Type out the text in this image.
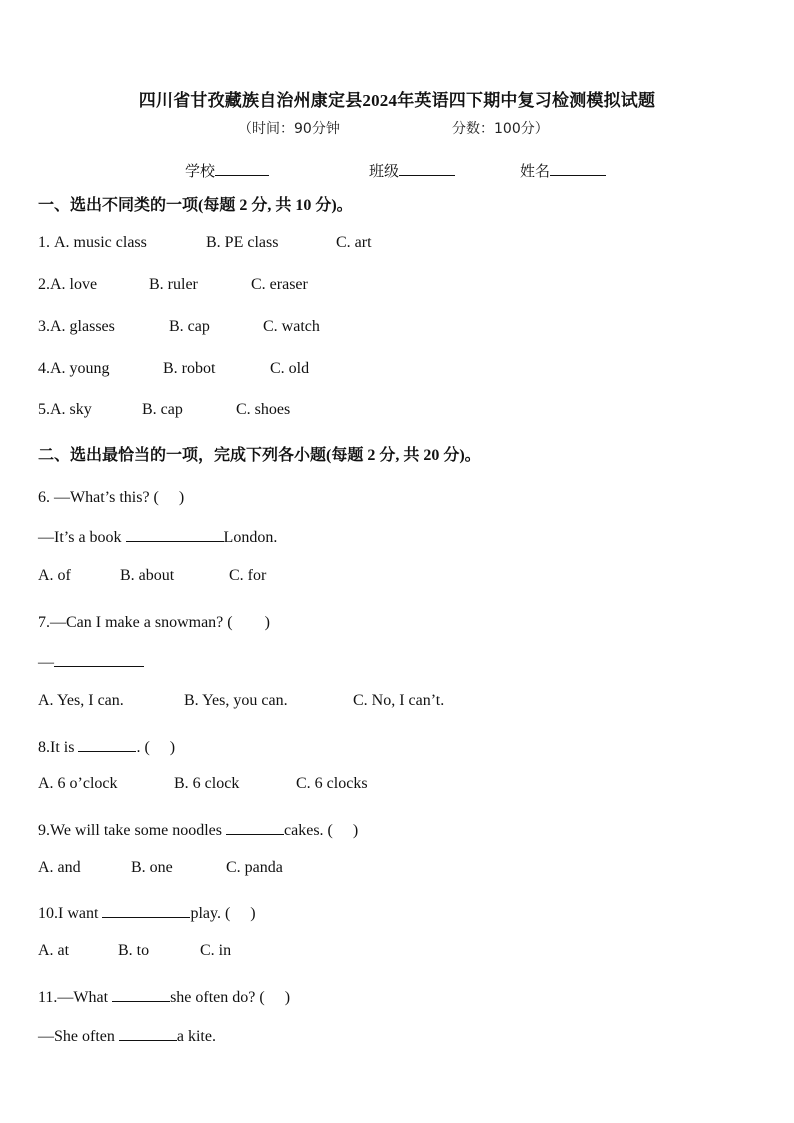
四川省甘孜藏族自治州康定县2024年英语四下期中复习检测模拟试题
（时间：90分钟	分数：100分）
学校	班级	姓名
一、选出不同类的一项(每题 2 分, 共 10 分)。
1. A. music class	B. PE class	C. art
2.A. love	B. ruler	C. eraser
3.A. glasses	B. cap	C. watch
4.A. young	B. robot	C. old
5.A. sky	B. cap	C. shoes
二、选出最恰当的一项，完成下列各小题(每题 2 分, 共 20 分)。
6. —What’s this? (　 )
—It’s a book	London.
A. of	B. about	C. for
7.—Can I make a snowman? (　　)
—
A. Yes, I can.	B. Yes, you can.	C. No, I can’t.
8.It is	. (　 )
A. 6 o’clock	B. 6 clock	C. 6 clocks
9.We will take some noodles	cakes. (　 )
A. and	B. one	C. panda
10.I want	play. (　 )
A. at	B. to	C. in
11.—What	she often do? (　 )
—She often	a kite.
